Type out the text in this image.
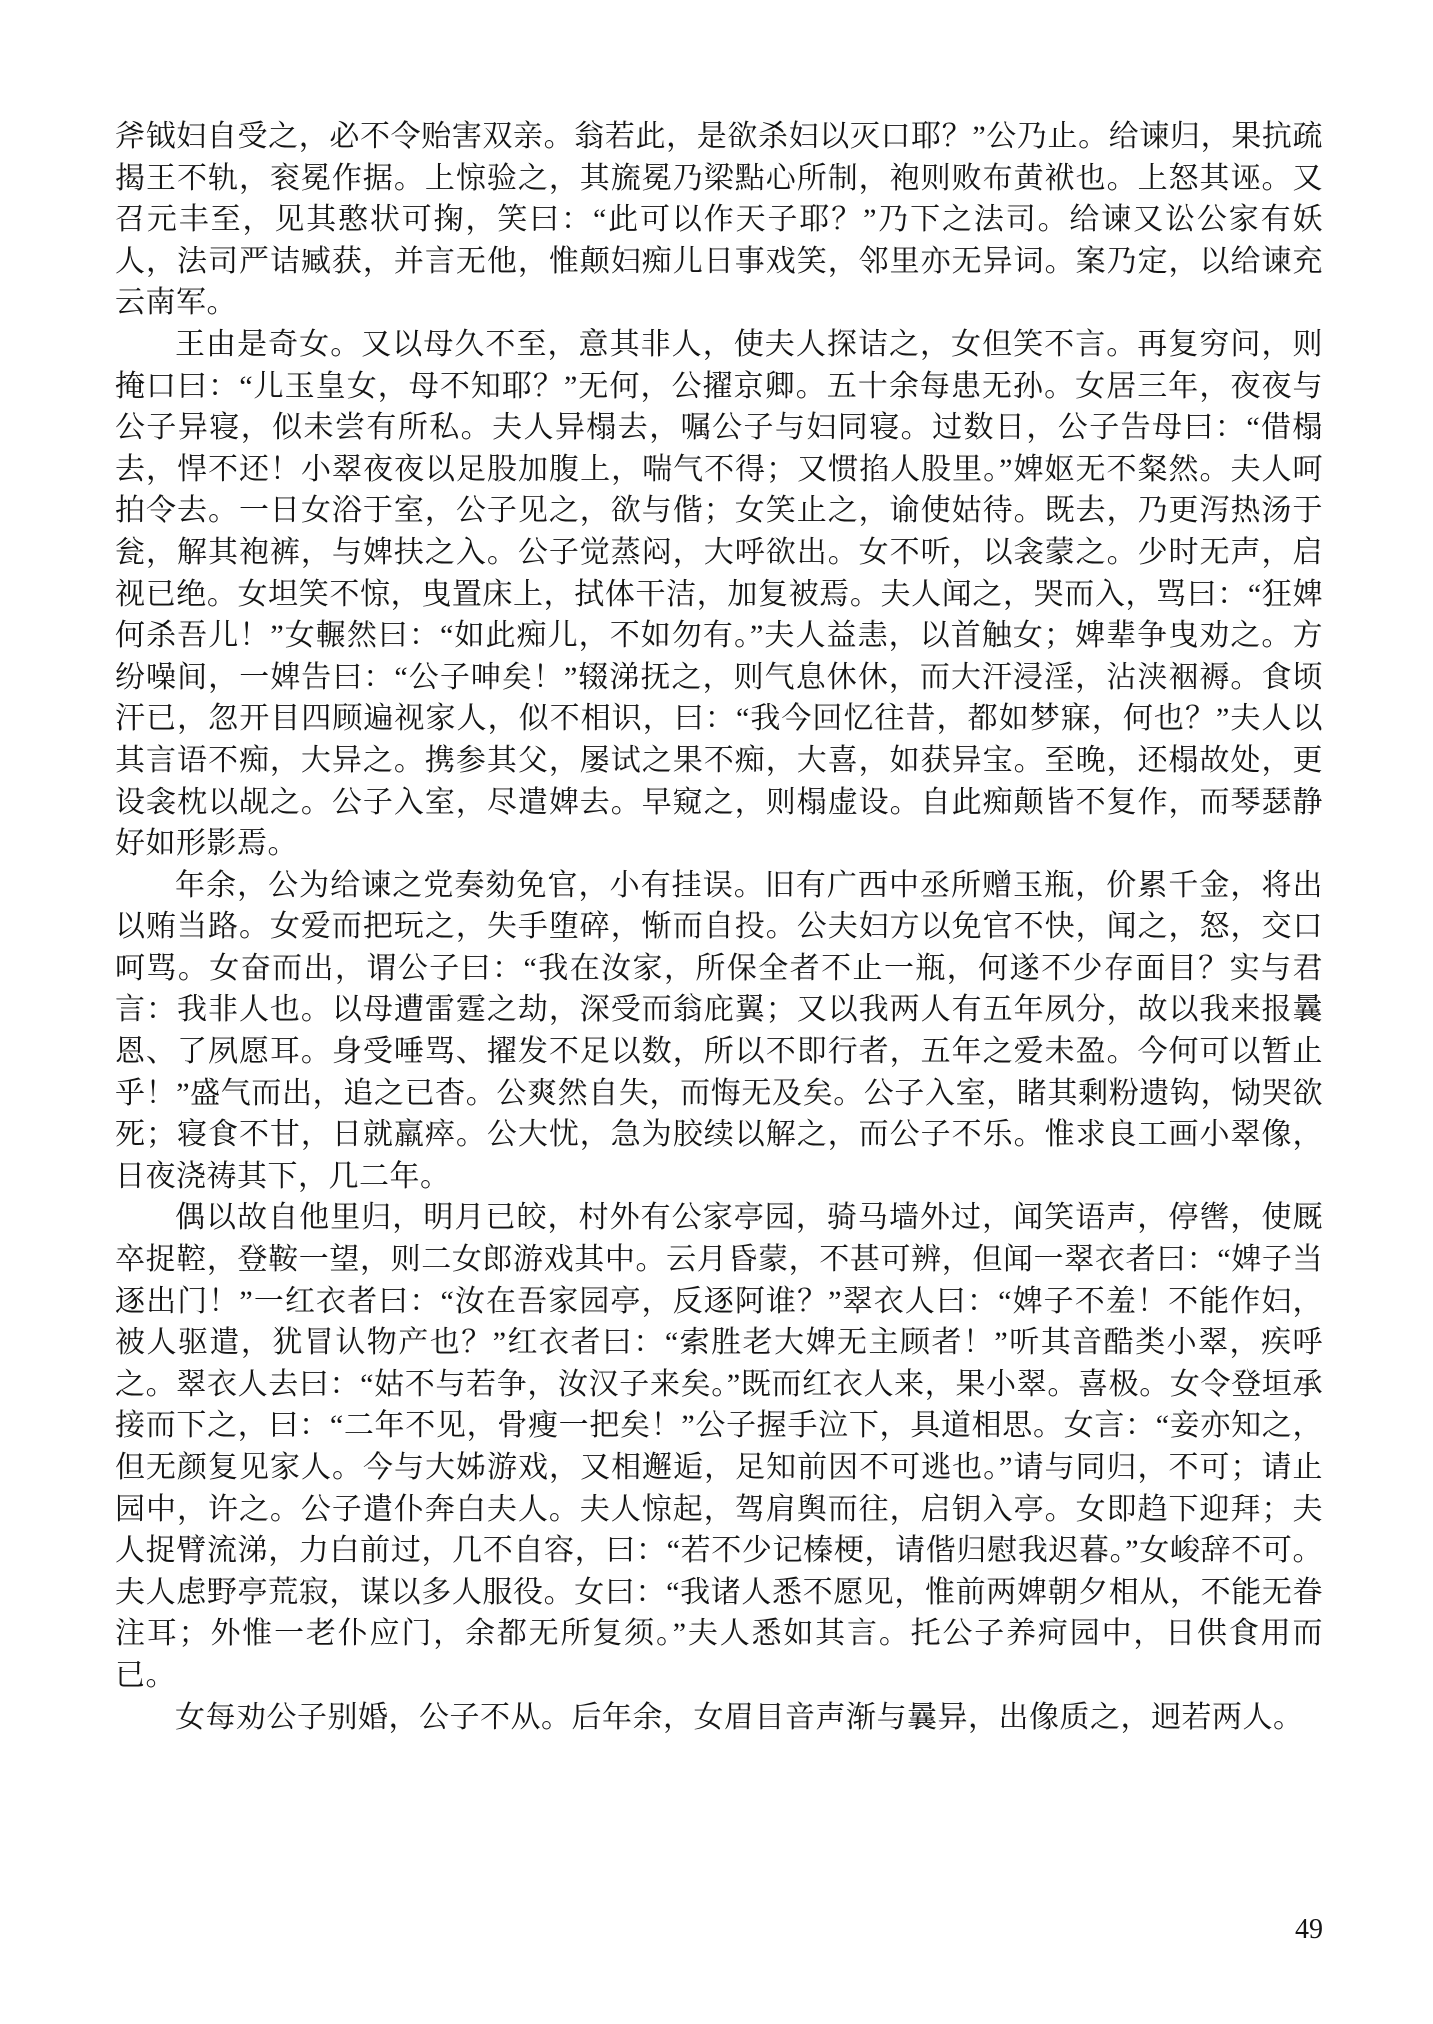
斧钺妇自受之，必不令贻害双亲。翁若此，是欲杀妇以灭口耶？”公乃止。给谏归，果抗疏揭王不轨，衮冕作据。上惊验之，其旒冕乃梁點心所制，袍则败布黄袱也。上怒其诬。又召元丰至，见其憨状可掬，笑曰：“此可以作天子耶？”乃下之法司。给谏又讼公家有妖人，法司严诘臧获，并言无他，惟颠妇痴儿日事戏笑，邻里亦无异词。案乃定，以给谏充云南军。

王由是奇女。又以母久不至，意其非人，使夫人探诘之，女但笑不言。再复穷问，则掩口曰：“儿玉皇女，母不知耶？”无何，公擢京卿。五十余每患无孙。女居三年，夜夜与公子异寝，似未尝有所私。夫人异榻去，嘱公子与妇同寝。过数日，公子告母曰：“借榻去，悍不还！小翠夜夜以足股加腹上，喘气不得；又惯掐人股里。”婢妪无不粲然。夫人呵拍令去。一日女浴于室，公子见之，欲与偕；女笑止之，谕使姑待。既去，乃更泻热汤于瓮，解其袍裤，与婢扶之入。公子觉蒸闷，大呼欲出。女不听，以衾蒙之。少时无声，启视已绝。女坦笑不惊，曳置床上，拭体干洁，加复被焉。夫人闻之，哭而入，骂曰：“狂婢何杀吾儿！”女輾然曰：“如此痴儿，不如勿有。”夫人益恚，以首触女；婢辈争曳劝之。方纷噪间，一婢告曰：“公子呻矣！”辍涕抚之，则气息休休，而大汗浸淫，沾浃裀褥。食顷汗已，忽开目四顾遍视家人，似不相识，曰：“我今回忆往昔，都如梦寐，何也？”夫人以其言语不痴，大异之。携参其父，屡试之果不痴，大喜，如获异宝。至晚，还榻故处，更设衾枕以觇之。公子入室，尽遣婢去。早窥之，则榻虚设。自此痴颠皆不复作，而琴瑟静好如形影焉。

年余，公为给谏之党奏劾免官，小有挂误。旧有广西中丞所赠玉瓶，价累千金，将出以贿当路。女爱而把玩之，失手堕碎，惭而自投。公夫妇方以免官不快，闻之，怒，交口呵骂。女奋而出，谓公子曰：“我在汝家，所保全者不止一瓶，何遂不少存面目？实与君言：我非人也。以母遭雷霆之劫，深受而翁庇翼；又以我两人有五年夙分，故以我来报曩恩、了夙愿耳。身受唾骂、擢发不足以数，所以不即行者，五年之爱未盈。今何可以暂止乎！”盛气而出，追之已杳。公爽然自失，而悔无及矣。公子入室，睹其剩粉遗钩，恸哭欲死；寝食不甘，日就羸瘁。公大忧，急为胶续以解之，而公子不乐。惟求良工画小翠像，日夜浇祷其下，几二年。

偶以故自他里归，明月已皎，村外有公家亭园，骑马墙外过，闻笑语声，停辔，使厩卒捉鞚，登鞍一望，则二女郎游戏其中。云月昏蒙，不甚可辨，但闻一翠衣者曰：“婢子当逐出门！”一红衣者曰：“汝在吾家园亭，反逐阿谁？”翠衣人曰：“婢子不羞！不能作妇，被人驱遣，犹冒认物产也？”红衣者曰：“索胜老大婢无主顾者！”听其音酷类小翠，疾呼之。翠衣人去曰：“姑不与若争，汝汉子来矣。”既而红衣人来，果小翠。喜极。女令登垣承接而下之，曰：“二年不见，骨瘦一把矣！”公子握手泣下，具道相思。女言：“妾亦知之，但无颜复见家人。今与大姊游戏，又相邂逅，足知前因不可逃也。”请与同归，不可；请止园中，许之。公子遣仆奔白夫人。夫人惊起，驾肩舆而往，启钥入亭。女即趋下迎拜；夫人捉臂流涕，力白前过，几不自容，曰：“若不少记榛梗，请偕归慰我迟暮。”女峻辞不可。夫人虑野亭荒寂，谋以多人服役。女曰：“我诸人悉不愿见，惟前两婢朝夕相从，不能无眷注耳；外惟一老仆应门，余都无所复须。”夫人悉如其言。托公子养疴园中，日供食用而已。

女每劝公子别婚，公子不从。后年余，女眉目音声渐与曩异，出像质之，迥若两人。

49
